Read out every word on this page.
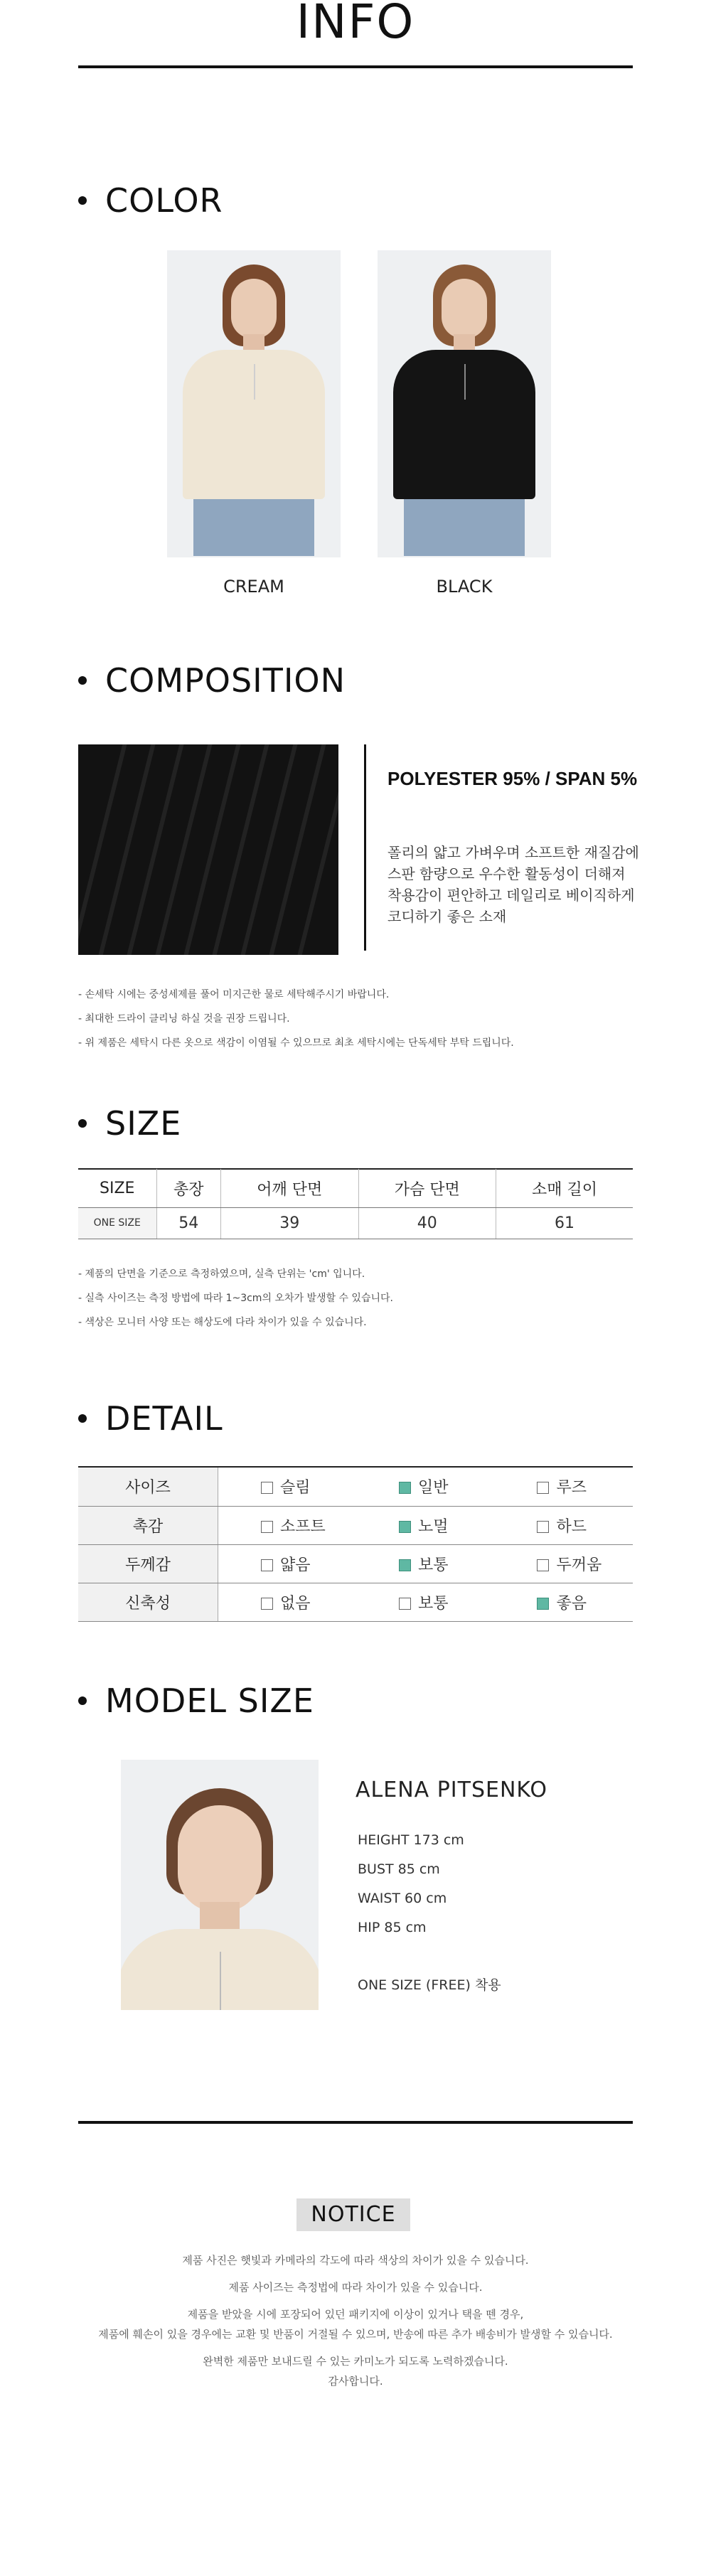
INFO
COLOR
CREAM	BLACK
COMPOSITION
POLYESTER 95% / SPAN 5%

폴리의 얇고 가벼우며 소프트한 재질감에

스판 함량으로 우수한 활동성이 더해져

착용감이 편안하고 데일리로 베이직하게

코디하기 좋은 소재

- 손세탁 시에는 중성세제를 풀어 미지근한 물로 세탁해주시기 바랍니다.

- 최대한 드라이 클리닝 하실 것을 권장 드립니다.

- 위 제품은 세탁시 다른 옷으로 색감이 이염될 수 있으므로 최초 세탁시에는 단독세탁 부탁 드립니다.

SIZE
SIZE	총장	어깨 단면	가슴 단면	소매 길이
ONE SIZE	54	39	40	61

- 제품의 단면을 기준으로 측정하였으며, 실측 단위는 'cm' 입니다.

- 실측 사이즈는 측정 방법에 따라 1~3cm의 오차가 발생할 수 있습니다.

- 색상은 모니터 사양 또는 해상도에 다라 차이가 있을 수 있습니다.

DETAIL
사이즈	슬림	일반	루즈
촉감	소프트	노멀	하드
두께감	얇음	보통	두꺼움
신축성	없음	보통	좋음
MODEL SIZE
ALENA PITSENKO

HEIGHT 173 cm

BUST 85 cm

WAIST 60 cm

HIP 85 cm

ONE SIZE (FREE) 착용

NOTICE

제품 사진은 햇빛과 카메라의 각도에 따라 색상의 차이가 있을 수 있습니다.

제품 사이즈는 측정법에 따라 차이가 있을 수 있습니다.

제품을 받았을 시에 포장되어 있던 패키지에 이상이 있거나 택을 뗀 경우,

제품에 훼손이 있을 경우에는 교환 및 반품이 거절될 수 있으며, 반송에 따른 추가 배송비가 발생할 수 있습니다.

완벽한 제품만 보내드릴 수 있는 카미노가 되도록 노력하겠습니다.

감사합니다.
